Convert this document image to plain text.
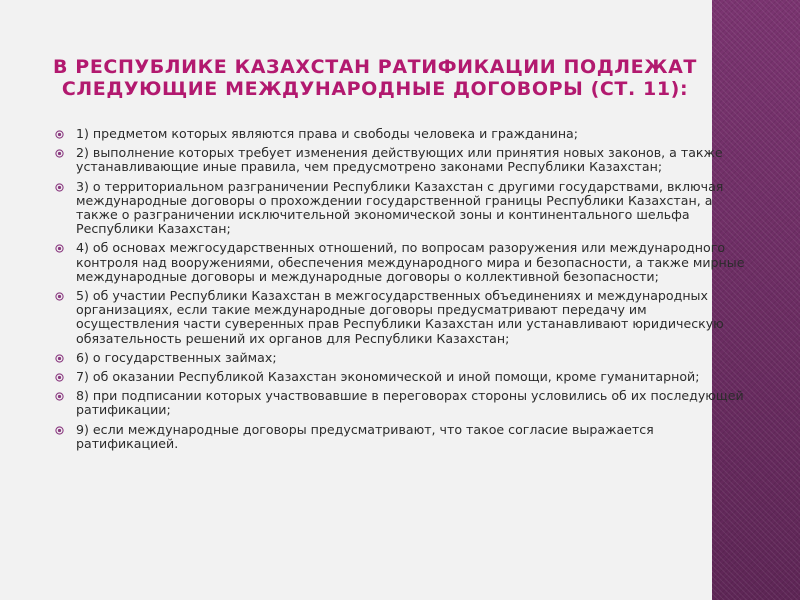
В РЕСПУБЛИКЕ КАЗАХСТАН РАТИФИКАЦИИ ПОДЛЕЖАТ
СЛЕДУЮЩИЕ МЕЖДУНАРОДНЫЕ ДОГОВОРЫ (СТ. 11):
1) предметом которых являются права и свободы человека и гражданина;
2) выполнение которых требует изменения действующих или принятия новых законов, а также устанавливающие иные правила, чем предусмотрено законами Республики Казахстан;
3) о территориальном разграничении Республики Казахстан с другими государствами, включая международные договоры о прохождении государственной границы Республики Казахстан, а также о разграничении исключительной экономической зоны и континентального шельфа Республики Казахстан;
4) об основах межгосударственных отношений, по вопросам разоружения или международного контроля над вооружениями, обеспечения международного мира и безопасности, а также мирные международные договоры и международные договоры о коллективной безопасности;
5) об участии Республики Казахстан в межгосударственных объединениях и международных организациях, если такие международные договоры предусматривают передачу им осуществления части суверенных прав Республики Казахстан или устанавливают юридическую обязательность решений их органов для Республики Казахстан;
6) о государственных займах;
7) об оказании Республикой Казахстан экономической и иной помощи, кроме гуманитарной;
8) при подписании которых участвовавшие в переговорах стороны условились об их последующей ратификации;
9) если международные договоры предусматривают, что такое согласие выражается ратификацией.
